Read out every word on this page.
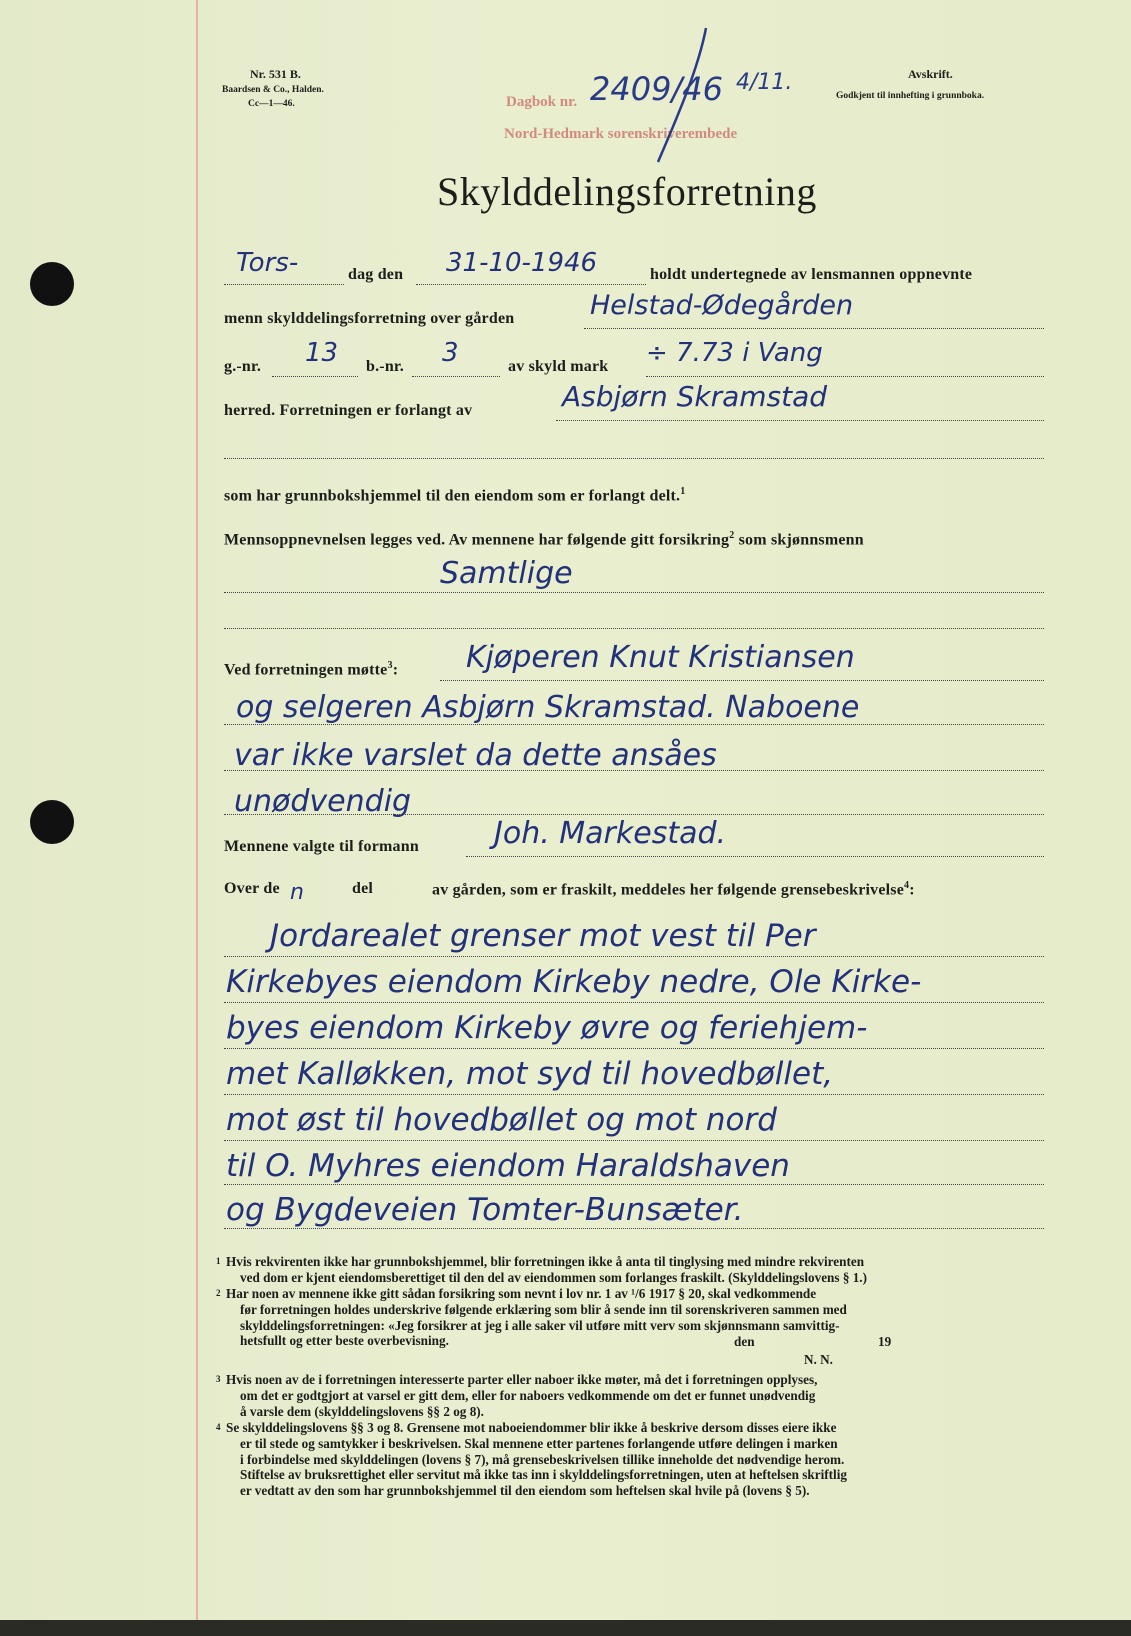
Nr. 531 B.
Baardsen & Co., Halden.
Cc—1—46.	Dagbok nr. 2409/46 4/11.
Nord-Hedmark sorenskriverembede
Avskrift.
Godkjent til innhefting i grunnboka.
Skylddelingsforretning
Tors-	dag den 31-10-1946	holdt undertegnede av lensmannen oppnevnte
menn skylddelingsforretning over gården	Helstad-Ødegården
g.-nr. 13 b.-nr. 3	av skyld mark ÷ 7.73 i Vang
herred. Forretningen er forlangt av	Asbjørn Skramstad
som har grunnbokshjemmel til den eiendom som er forlangt delt.$^1$
Mennsoppnevnelsen legges ved. Av mennene har følgende gitt forsikring$^2$ som skjønnsmenn
Samtlige
Ved forretningen møtte$^3$: Kjøperen Knut Kristiansen
og selgeren Asbjørn Skramstad. Naboene
var ikke varslet da dette ansåes
unødvendig
Mennene valgte til formann	Joh. Markestad.
Over de n	del	av gården, som er fraskilt, meddeles her følgende grensebeskrivelse$^4$:
Jordarealet grenser mot vest til Per
Kirkebyes eiendom Kirkeby nedre, Ole Kirke-
byes eiendom Kirkeby øvre og feriehjem-
met Kalløkken, mot syd til hovedbøllet,
mot øst til hovedbøllet og mot nord
til O. Myhres eiendom Haraldshaven
og Bygdeveien Tomter-Bunsæter.
1 Hvis rekvirenten ikke har grunnbokshjemmel, blir forretningen ikke å anta til tinglysing med mindre rekvirenten
ved dom er kjent eiendomsberettiget til den del av eiendommen som forlanges fraskilt. (Skylddelingslovens § 1.)
2 Har noen av mennene ikke gitt sådan forsikring som nevnt i lov nr. 1 av ¹/6 1917 § 20, skal vedkommende
før forretningen holdes underskrive følgende erklæring som blir å sende inn til sorenskriveren sammen med
skylddelingsforretningen: «Jeg forsikrer at jeg i alle saker vil utføre mitt verv som skjønnsmann samvittig-
hetsfullt og etter beste overbevisning.	den	19
N. N.
3 Hvis noen av de i forretningen interesserte parter eller naboer ikke møter, må det i forretningen opplyses,
om det er godtgjort at varsel er gitt dem, eller for naboers vedkommende om det er funnet unødvendig
å varsle dem (skylddelingslovens §§ 2 og 8).
4 Se skylddelingslovens §§ 3 og 8. Grensene mot naboeiendommer blir ikke å beskrive dersom disses eiere ikke
er til stede og samtykker i beskrivelsen. Skal mennene etter partenes forlangende utføre delingen i marken
i forbindelse med skylddelingen (lovens § 7), må grensebeskrivelsen tillike inneholde det nødvendige herom.
Stiftelse av bruksrettighet eller servitut må ikke tas inn i skylddelingsforretningen, uten at heftelsen skriftlig
er vedtatt av den som har grunnbokshjemmel til den eiendom som heftelsen skal hvile på (lovens § 5).
